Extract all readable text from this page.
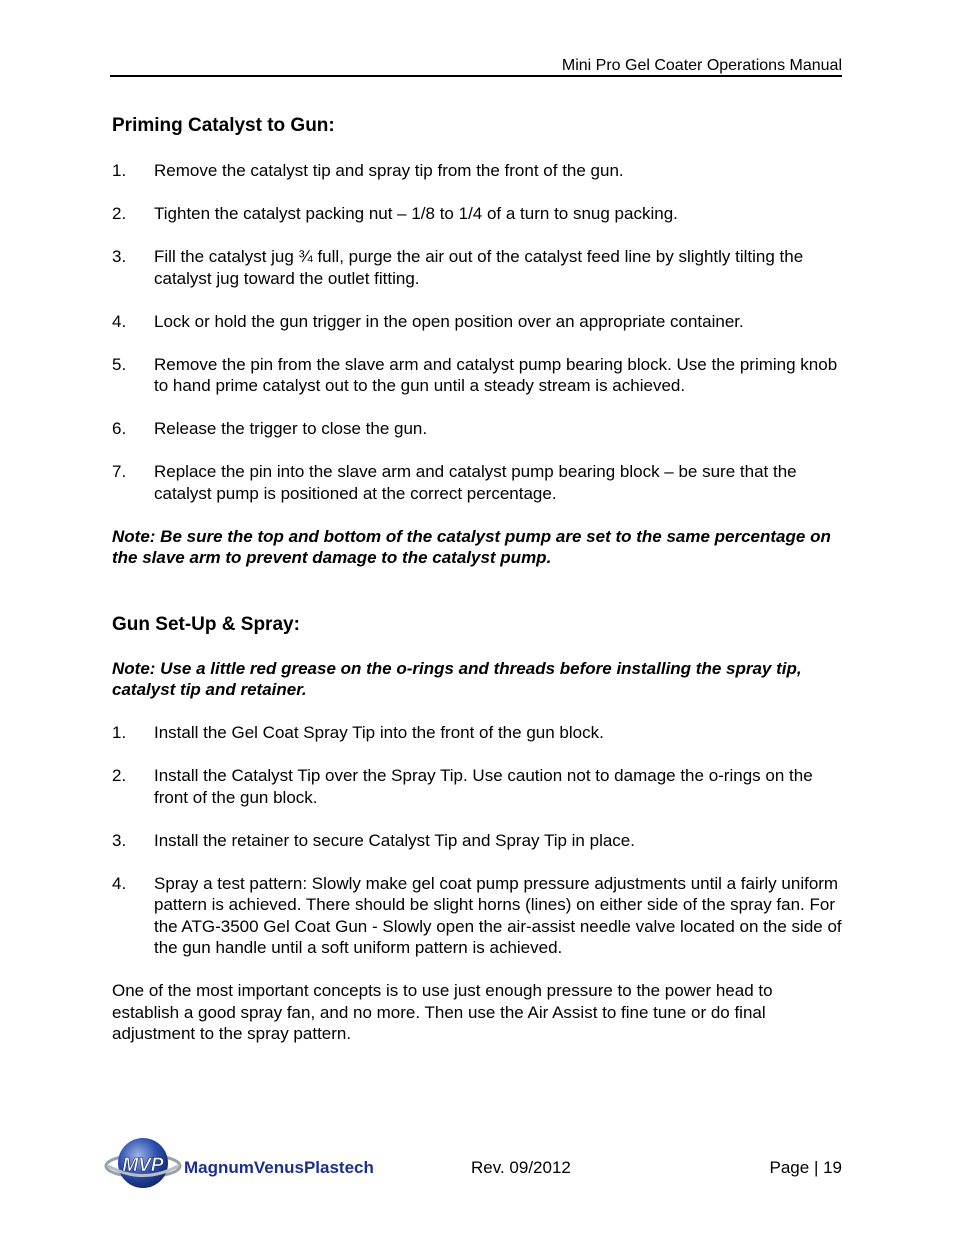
Mini Pro Gel Coater Operations Manual
Priming Catalyst to Gun:
1.	Remove the catalyst tip and spray tip from the front of the gun.
2.	Tighten the catalyst packing nut – 1/8 to 1/4 of a turn to snug packing.
3.	Fill the catalyst jug ¾ full, purge the air out of the catalyst feed line by slightly tilting the catalyst jug toward the outlet fitting.
4.	Lock or hold the gun trigger in the open position over an appropriate container.
5.	Remove the pin from the slave arm and catalyst pump bearing block. Use the priming knob to hand prime catalyst out to the gun until a steady stream is achieved.
6.	Release the trigger to close the gun.
7.	Replace the pin into the slave arm and catalyst pump bearing block – be sure that the catalyst pump is positioned at the correct percentage.
Note: Be sure the top and bottom of the catalyst pump are set to the same percentage on the slave arm to prevent damage to the catalyst pump.
Gun Set-Up & Spray:
Note: Use a little red grease on the o-rings and threads before installing the spray tip, catalyst tip and retainer.
1.	Install the Gel Coat Spray Tip into the front of the gun block.
2.	Install the Catalyst Tip over the Spray Tip. Use caution not to damage the o-rings on the front of the gun block.
3.	Install the retainer to secure Catalyst Tip and Spray Tip in place.
4.	Spray a test pattern: Slowly make gel coat pump pressure adjustments until a fairly uniform pattern is achieved. There should be slight horns (lines) on either side of the spray fan. For the ATG-3500 Gel Coat Gun - Slowly open the air-assist needle valve located on the side of the gun handle until a soft uniform pattern is achieved.
One of the most important concepts is to use just enough pressure to the power head to establish a good spray fan, and no more. Then use the Air Assist to fine tune or do final adjustment to the spray pattern.
MVP MagnumVenusPlastech	Rev. 09/2012	Page | 19
